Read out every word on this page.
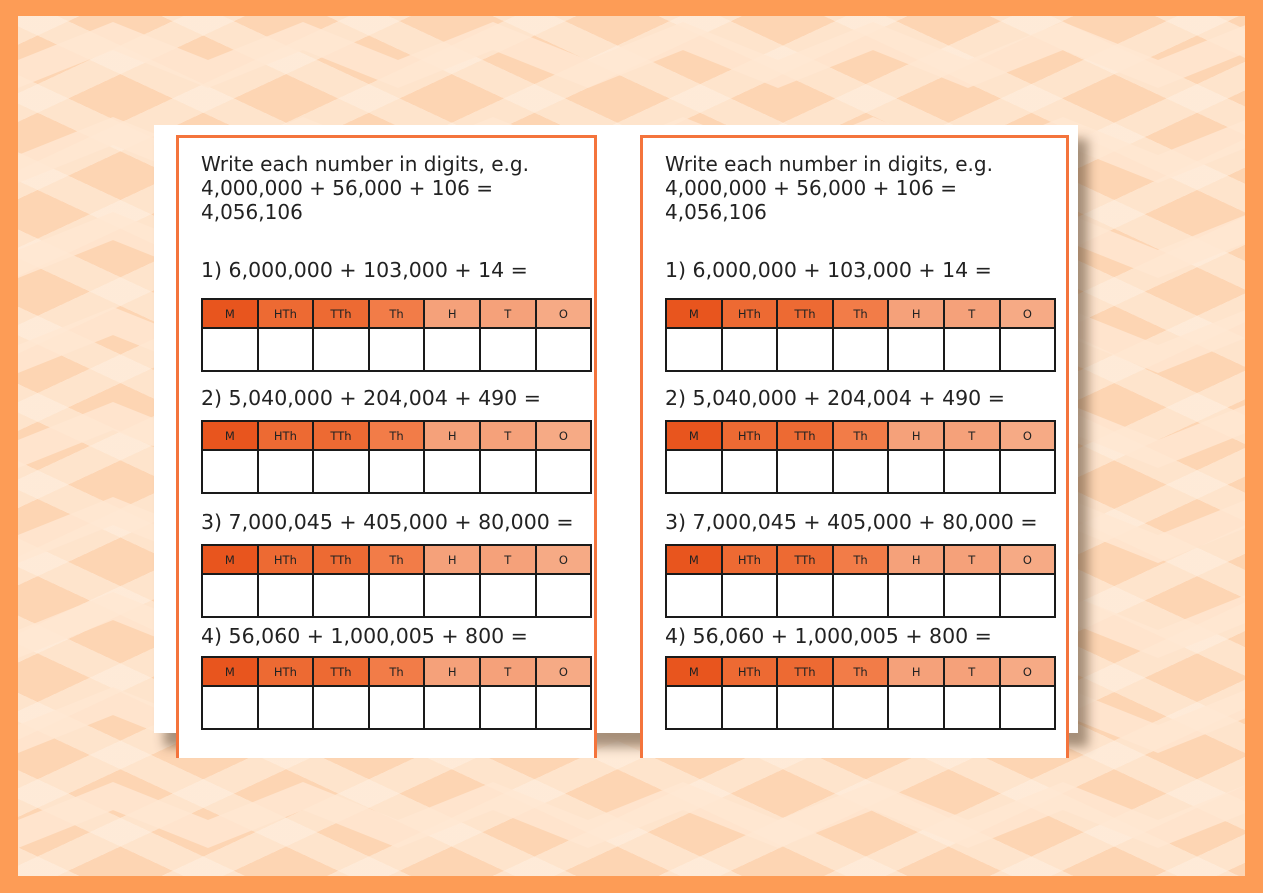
Write each number in digits, e.g.
4,000,000 + 56,000 + 106 =
4,056,106

1) 6,000,000 + 103,000 + 14 =
M	HTh	TTh	Th	H	T	O

2) 5,040,000 + 204,004 + 490 =
M	HTh	TTh	Th	H	T	O

3) 7,000,045 + 405,000 + 80,000 =
M	HTh	TTh	Th	H	T	O

4) 56,060 + 1,000,005 + 800 =
M	HTh	TTh	Th	H	T	O

Write each number in digits, e.g.
4,000,000 + 56,000 + 106 =
4,056,106

1) 6,000,000 + 103,000 + 14 =
M	HTh	TTh	Th	H	T	O

2) 5,040,000 + 204,004 + 490 =
M	HTh	TTh	Th	H	T	O

3) 7,000,045 + 405,000 + 80,000 =
M	HTh	TTh	Th	H	T	O

4) 56,060 + 1,000,005 + 800 =
M	HTh	TTh	Th	H	T	O
